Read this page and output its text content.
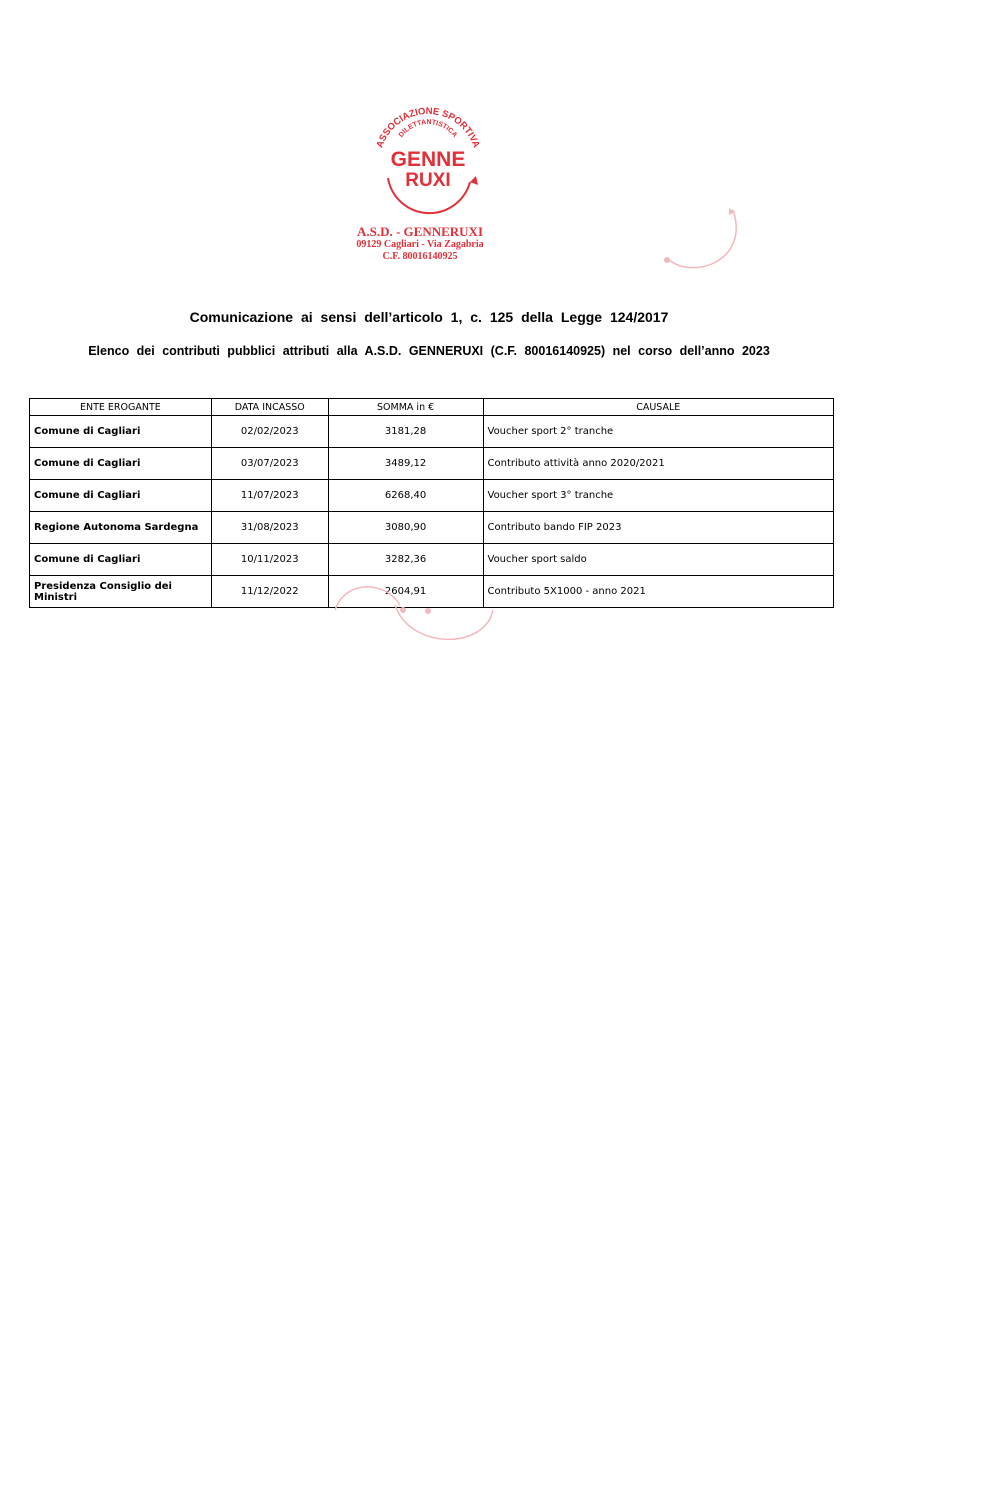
ASSOCIAZIONE SPORTIVA
DILETTANTISTICA
GENNE
RUXI
A.S.D. - GENNERUXI
09129 Cagliari - Via Zagabria
C.F. 80016140925
Comunicazione ai sensi dell’articolo 1, c. 125 della Legge 124/2017
Elenco dei contributi pubblici attributi alla A.S.D. GENNERUXI (C.F. 80016140925) nel corso dell’anno 2023
ENTE EROGANTE	DATA INCASSO	SOMMA in €	CAUSALE
Comune di Cagliari	02/02/2023	3181,28	Voucher sport 2° tranche
Comune di Cagliari	03/07/2023	3489,12	Contributo attività anno 2020/2021
Comune di Cagliari	11/07/2023	6268,40	Voucher sport 3° tranche
Regione Autonoma Sardegna	31/08/2023	3080,90	Contributo bando FIP 2023
Comune di Cagliari	10/11/2023	3282,36	Voucher sport saldo
Presidenza Consiglio dei Ministri	11/12/2022	2604,91	Contributo 5X1000 - anno 2021
